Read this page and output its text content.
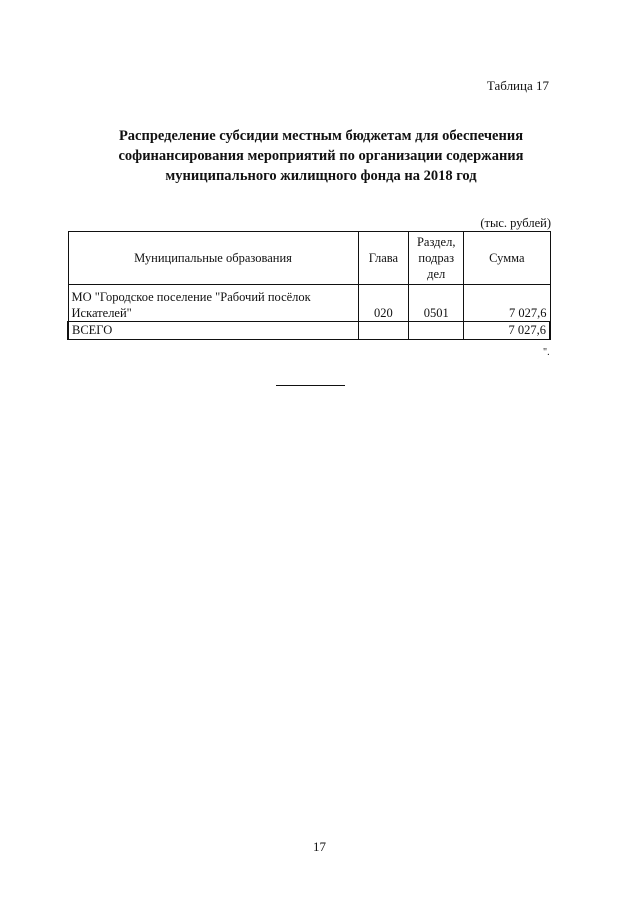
Таблица 17
Распределение субсидии местным бюджетам для обеспечения
софинансирования мероприятий по организации содержания
муниципального жилищного фонда на 2018 год
(тыс. рублей)
Муниципальные образования	Глава	Раздел,
подраз
дел	Сумма

МО "Городское поселение "Рабочий посёлок
Искателей"	020	0501	7 027,6
ВСЕГО			7 027,6
".
17
